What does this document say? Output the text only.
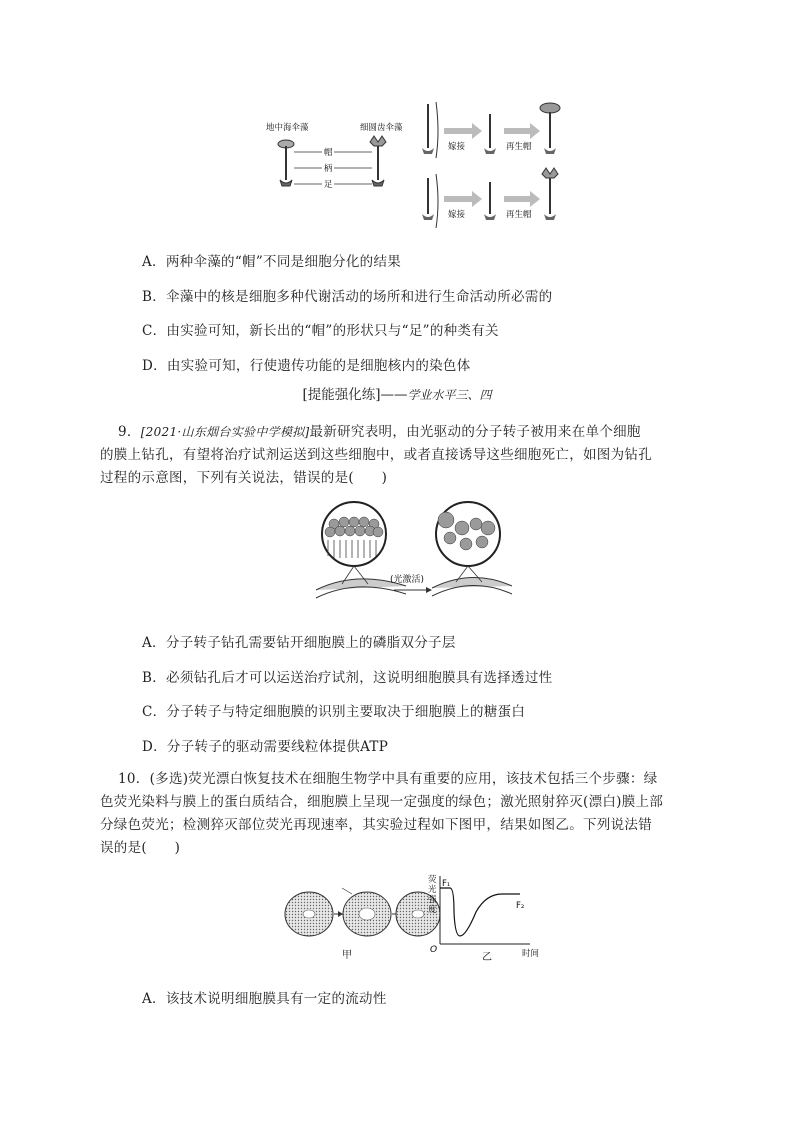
地中海伞藻	细圆齿伞藻
帽
柄
足
嫁接	再生帽
嫁接	再生帽
A．两种伞藻的“帽”不同是细胞分化的结果
B．伞藻中的核是细胞多种代谢活动的场所和进行生命活动所必需的
C．由实验可知，新长出的“帽”的形状只与“足”的种类有关
D．由实验可知，行使遗传功能的是细胞核内的染色体
[提能强化练]——学业水平三、四
9．[2021·山东烟台实验中学模拟]最新研究表明，由光驱动的分子转子被用来在单个细胞
的膜上钻孔，有望将治疗试剂运送到这些细胞中，或者直接诱导这些细胞死亡，如图为钻孔
过程的示意图，下列有关说法，错误的是(　　)
(光激活)
A．分子转子钻孔需要钻开细胞膜上的磷脂双分子层
B．必须钻孔后才可以运送治疗试剂，这说明细胞膜具有选择透过性
C．分子转子与特定细胞膜的识别主要取决于细胞膜上的糖蛋白
D．分子转子的驱动需要线粒体提供ATP
10．(多选)荧光漂白恢复技术在细胞生物学中具有重要的应用，该技术包括三个步骤：绿
色荧光染料与膜上的蛋白质结合，细胞膜上呈现一定强度的绿色；激光照射猝灭(漂白)膜上部
分绿色荧光；检测猝灭部位荧光再现速率，其实验过程如下图甲，结果如图乙。下列说法错
误的是(　　)
甲
荧
光
强
度
F₁
F₂
O
乙	时间
A．该技术说明细胞膜具有一定的流动性
